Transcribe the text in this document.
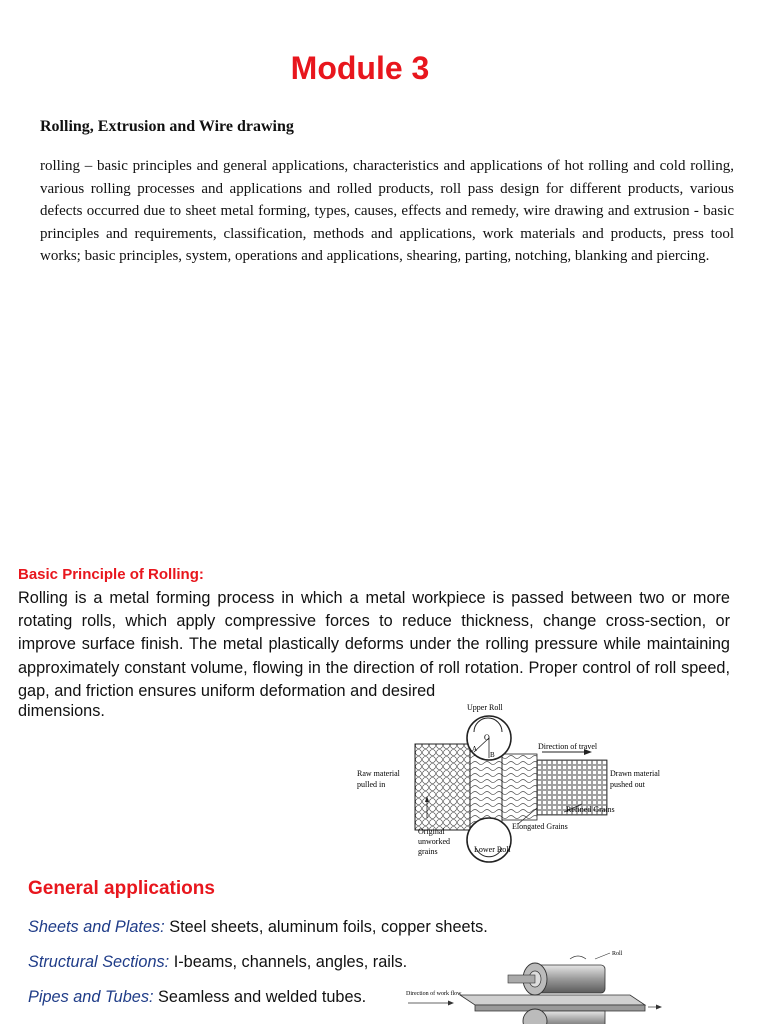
Module 3
Rolling, Extrusion and Wire drawing

rolling – basic principles and general applications, characteristics and applications of hot rolling and cold rolling, various rolling processes and applications and rolled products, roll pass design for different products, various defects occurred due to sheet metal forming, types, causes, effects and remedy, wire drawing and extrusion - basic principles and requirements, classification, methods and applications, work materials and products, press tool works; basic principles, system, operations and applications, shearing, parting, notching, blanking and piercing.

Basic Principle of Rolling:

Rolling is a metal forming process in which a metal workpiece is passed between two or more rotating rolls, which apply compressive forces to reduce thickness, change cross-section, or improve surface finish. The metal plastically deforms under the rolling pressure while maintaining approximately constant volume, flowing in the direction of roll rotation. Proper control of roll speed, gap, and friction ensures uniform deformation and desired

dimensions.	Upper Roll
O
A
B
Direction of travel
Raw material
pulled in
Drawn material
pushed out
Refined Grains
Elongated Grains
Original
unworked
grains	Lower Roll
General applications
Sheets and Plates: Steel sheets, aluminum foils, copper sheets.
Structural Sections: I-beams, channels, angles, rails.
Pipes and Tubes: Seamless and welded tubes.
Roll
Direction of work flow
